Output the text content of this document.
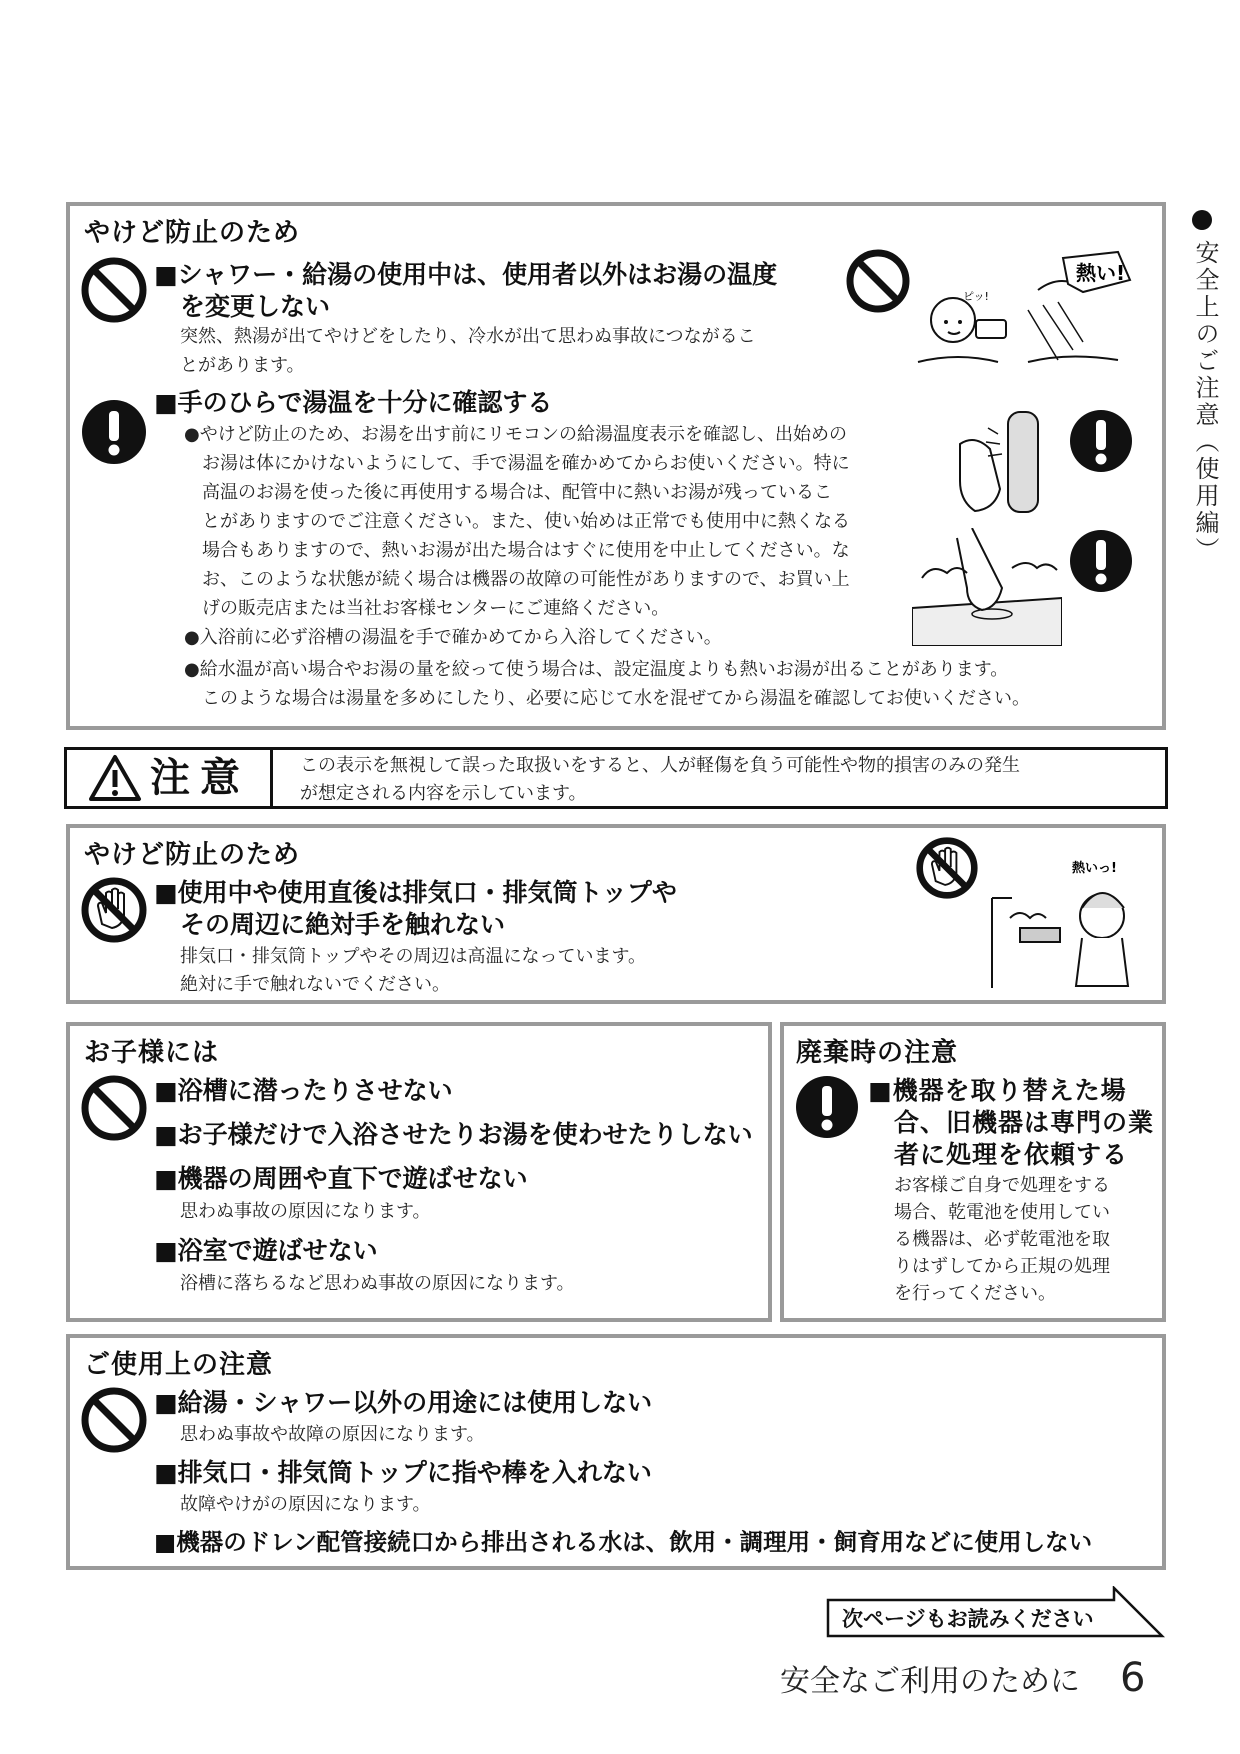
安全上のご注意（使用編）
やけど防止のため
■シャワー・給湯の使用中は、使用者以外はお湯の温度
を変更しない
突然、熱湯が出てやけどをしたり、冷水が出て思わぬ事故につながるこ
とがあります。
熱い!
ピッ!
■手のひらで湯温を十分に確認する
●やけど防止のため、お湯を出す前にリモコンの給湯温度表示を確認し、出始めの
お湯は体にかけないようにして、手で湯温を確かめてからお使いください。特に
高温のお湯を使った後に再使用する場合は、配管中に熱いお湯が残っているこ
とがありますのでご注意ください。また、使い始めは正常でも使用中に熱くなる
場合もありますので、熱いお湯が出た場合はすぐに使用を中止してください。な
お、このような状態が続く場合は機器の故障の可能性がありますので、お買い上
げの販売店または当社お客様センターにご連絡ください。
●入浴前に必ず浴槽の湯温を手で確かめてから入浴してください。
●給水温が高い場合やお湯の量を絞って使う場合は、設定温度よりも熱いお湯が出ることがあります。
このような場合は湯量を多めにしたり、必要に応じて水を混ぜてから湯温を確認してお使いください。
注意	この表示を無視して誤った取扱いをすると、人が軽傷を負う可能性や物的損害のみの発生
が想定される内容を示しています。
やけど防止のため
■使用中や使用直後は排気口・排気筒トップや
その周辺に絶対手を触れない
排気口・排気筒トップやその周辺は高温になっています。
絶対に手で触れないでください。
熱いっ!
お子様には
■浴槽に潜ったりさせない
■お子様だけで入浴させたりお湯を使わせたりしない
■機器の周囲や直下で遊ばせない
思わぬ事故の原因になります。
■浴室で遊ばせない
浴槽に落ちるなど思わぬ事故の原因になります。
廃棄時の注意
■機器を取り替えた場
合、旧機器は専門の業
者に処理を依頼する
お客様ご自身で処理をする
場合、乾電池を使用してい
る機器は、必ず乾電池を取
りはずしてから正規の処理
を行ってください。
ご使用上の注意
■給湯・シャワー以外の用途には使用しない
思わぬ事故や故障の原因になります。
■排気口・排気筒トップに指や棒を入れない
故障やけがの原因になります。
■機器のドレン配管接続口から排出される水は、飲用・調理用・飼育用などに使用しない
次ページもお読みください
安全なご利用のために 6
